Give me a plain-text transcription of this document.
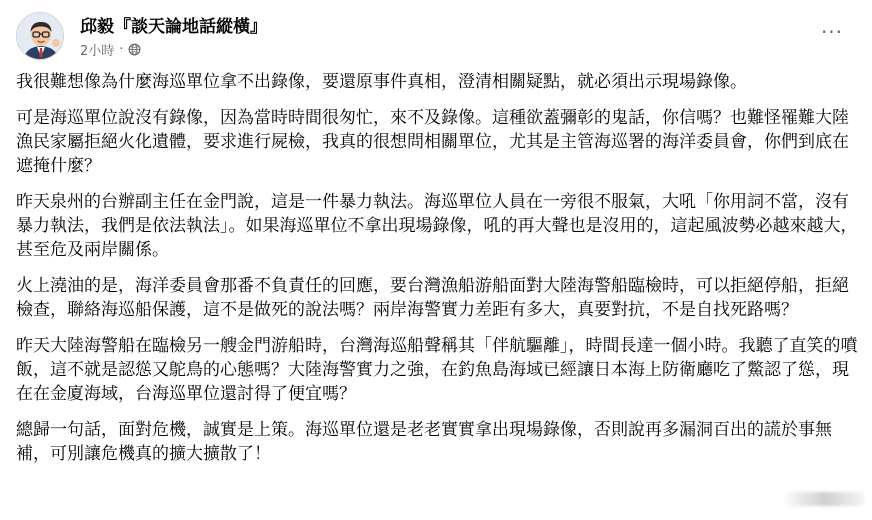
邱毅『談天論地話縱橫』
2小時 ·
···

我很難想像為什麼海巡單位拿不出錄像，要還原事件真相，澄清相關疑點，就必須出示現場錄像。

可是海巡單位說沒有錄像，因為當時時間很匆忙，來不及錄像。這種欲蓋彌彰的鬼話，你信嗎？也難怪罹難大陸漁民家屬拒絕火化遺體，要求進行屍檢，我真的很想問相關單位，尤其是主管海巡署的海洋委員會，你們到底在遮掩什麼？

昨天泉州的台辦副主任在金門說，這是一件暴力執法。海巡單位人員在一旁很不服氣，大吼「你用詞不當，沒有暴力執法，我們是依法執法」。如果海巡單位不拿出現場錄像，吼的再大聲也是沒用的，這起風波勢必越來越大，甚至危及兩岸關係。

火上澆油的是，海洋委員會那番不負責任的回應，要台灣漁船游船面對大陸海警船臨檢時，可以拒絕停船，拒絕檢查，聯絡海巡船保護，這不是做死的說法嗎？兩岸海警實力差距有多大，真要對抗，不是自找死路嗎？

昨天大陸海警船在臨檢另一艘金門游船時，台灣海巡船聲稱其「伴航驅離」，時間長達一個小時。我聽了直笑的噴飯，這不就是認慫又鴕鳥的心態嗎？大陸海警實力之強，在釣魚島海域已經讓日本海上防衛廳吃了鱉認了慫，現在在金廈海域，台海巡單位還討得了便宜嗎？

總歸一句話，面對危機，誠實是上策。海巡單位還是老老實實拿出現場錄像，否則說再多漏洞百出的謊於事無補，可別讓危機真的擴大擴散了！
